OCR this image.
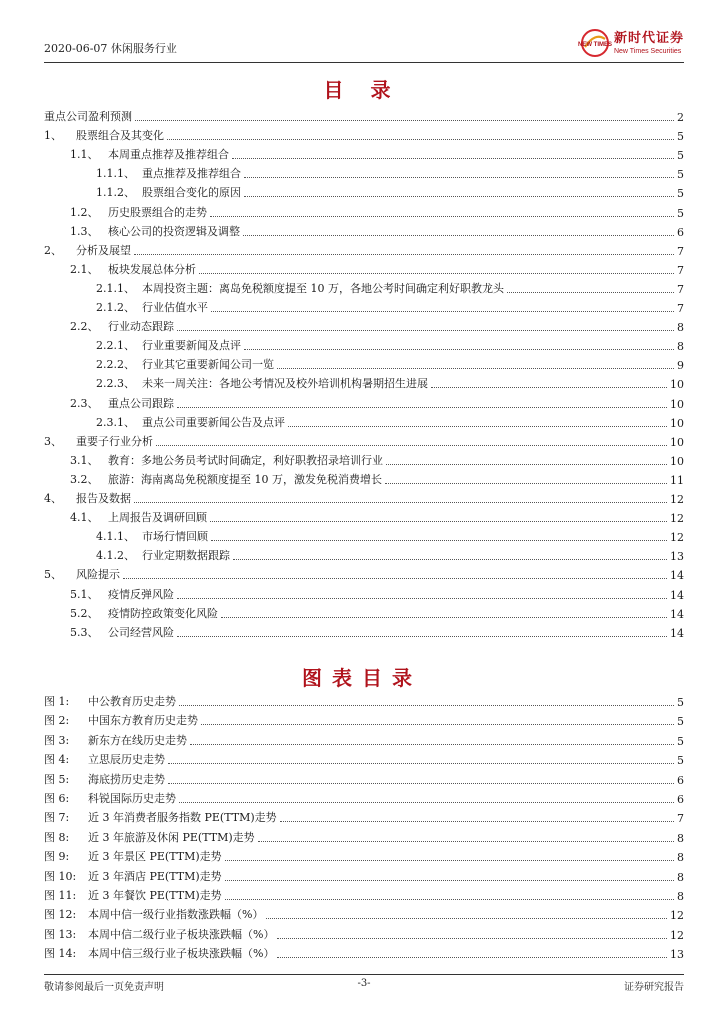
2020-06-07 休闲服务行业	NEW TIMES 新时代证券
New Times Securities
目 录
重点公司盈利预测	2
1、	股票组合及其变化	5
1.1、 本周重点推荐及推荐组合	5
1.1.1、 重点推荐及推荐组合	5
1.1.2、 股票组合变化的原因	5
1.2、 历史股票组合的走势	5
1.3、 核心公司的投资逻辑及调整	6
2、	分析及展望	7
2.1、 板块发展总体分析	7
2.1.1、 本周投资主题：离岛免税额度提至 10 万，各地公考时间确定利好职教龙头	7
2.1.2、 行业估值水平	7
2.2、 行业动态跟踪	8
2.2.1、 行业重要新闻及点评	8
2.2.2、 行业其它重要新闻公司一览	9
2.2.3、 未来一周关注：各地公考情况及校外培训机构暑期招生进展	10
2.3、 重点公司跟踪	10
2.3.1、 重点公司重要新闻公告及点评	10
3、	重要子行业分析	10
3.1、 教育：多地公务员考试时间确定，利好职教招录培训行业	10
3.2、 旅游：海南离岛免税额度提至 10 万，激发免税消费增长	11
4、	报告及数据	12
4.1、 上周报告及调研回顾	12
4.1.1、 市场行情回顾	12
4.1.2、 行业定期数据跟踪	13
5、	风险提示	14
5.1、 疫情反弹风险	14
5.2、 疫情防控政策变化风险	14
5.3、 公司经营风险	14
图表目录
图 1:	中公教育历史走势	5
图 2:	中国东方教育历史走势	5
图 3:	新东方在线历史走势	5
图 4:	立思辰历史走势	5
图 5:	海底捞历史走势	6
图 6:	科锐国际历史走势	6
图 7:	近 3 年消费者服务指数 PE(TTM)走势	7
图 8:	近 3 年旅游及休闲 PE(TTM)走势	8
图 9:	近 3 年景区 PE(TTM)走势	8
图 10:	近 3 年酒店 PE(TTM)走势	8
图 11:	近 3 年餐饮 PE(TTM)走势	8
图 12:	本周中信一级行业指数涨跌幅（%）	12
图 13:	本周中信二级行业子板块涨跌幅（%）	12
图 14:	本周中信三级行业子板块涨跌幅（%）	13
敬请参阅最后一页免责声明	-3-	证券研究报告
